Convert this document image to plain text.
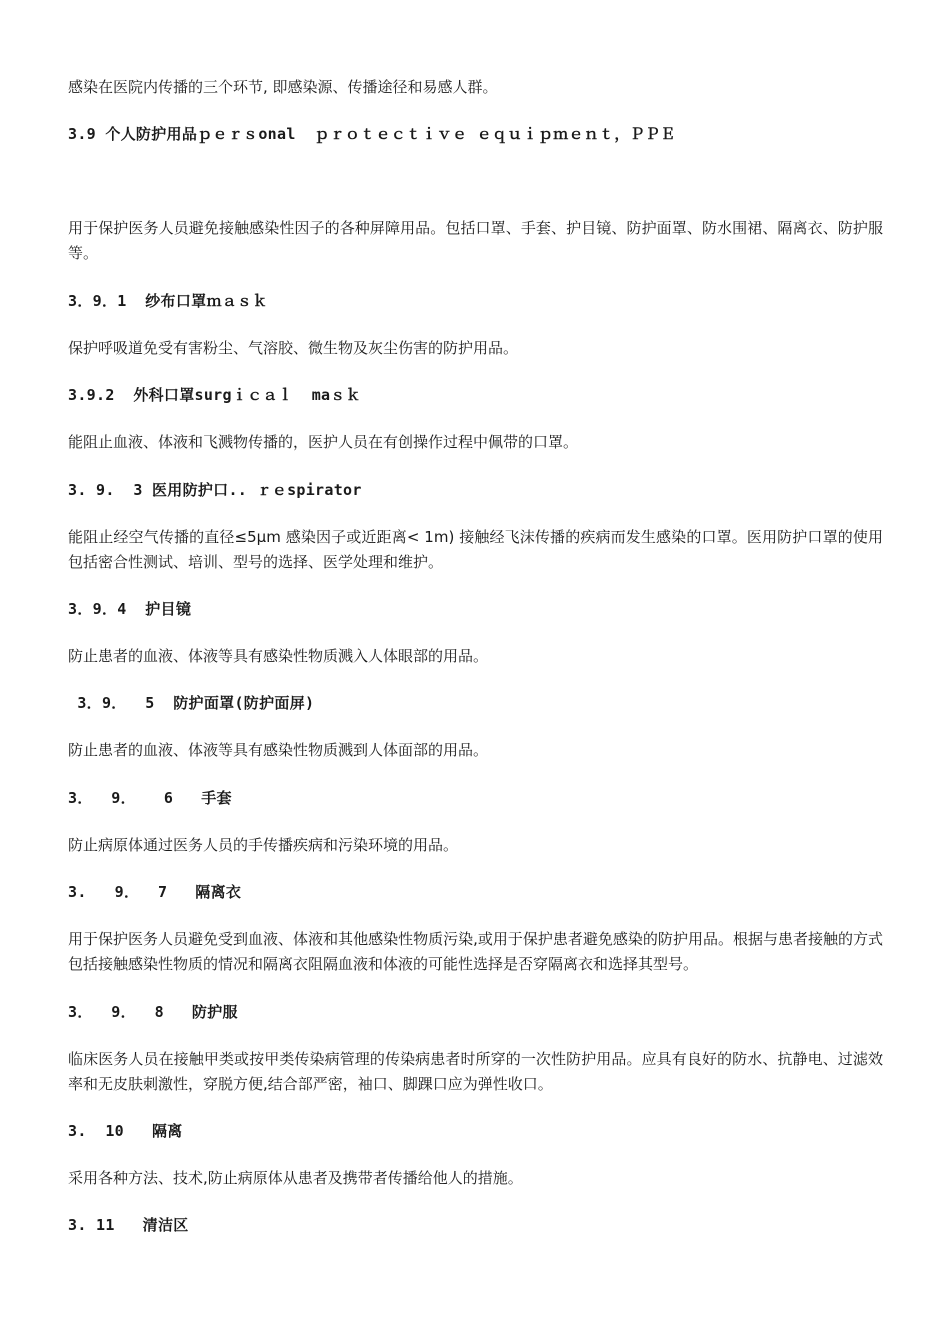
感染在医院内传播的三个环节, 即感染源、传播途径和易感人群。
3.9 个人防护用品ｐｅｒｓonal  ｐｒｏｔｅｃｔｉｖｅ ｅｑｕｉｐｍｅｎｔ，ＰＰＥ
用于保护医务人员避免接触感染性因子的各种屏障用品。包括口罩、手套、护目镜、防护面罩、防水围裙、隔离衣、防护服等。
3．9．1  纱布口罩ｍａｓｋ
保护呼吸道免受有害粉尘、气溶胶、微生物及灰尘伤害的防护用品。
3.9.2  外科口罩surgｉｃａｌ  maｓｋ
能阻止血液、体液和飞溅物传播的，医护人员在有创操作过程中佩带的口罩。
3. 9.  3 医用防护口.. ｒｅspirator
能阻止经空气传播的直径≤5μm 感染因子或近距离< 1m) 接触经飞沫传播的疾病而发生感染的口罩。医用防护口罩的使用包括密合性测试、培训、型号的选择、医学处理和维护。
3．9．4  护目镜
防止患者的血液、体液等具有感染性物质溅入人体眼部的用品。
3．9．  5  防护面罩(防护面屏)
防止患者的血液、体液等具有感染性物质溅到人体面部的用品。
3．  9．   6   手套
防止病原体通过医务人员的手传播疾病和污染环境的用品。
3.   9．  7   隔离衣
用于保护医务人员避免受到血液、体液和其他感染性物质污染,或用于保护患者避免感染的防护用品。根据与患者接触的方式包括接触感染性物质的情况和隔离衣阻隔血液和体液的可能性选择是否穿隔离衣和选择其型号。
3．  9．  8   防护服
临床医务人员在接触甲类或按甲类传染病管理的传染病患者时所穿的一次性防护用品。应具有良好的防水、抗静电、过滤效率和无皮肤刺激性，穿脱方便,结合部严密，袖口、脚踝口应为弹性收口。
3.  10   隔离
采用各种方法、技术,防止病原体从患者及携带者传播给他人的措施。
3. 11   清洁区
